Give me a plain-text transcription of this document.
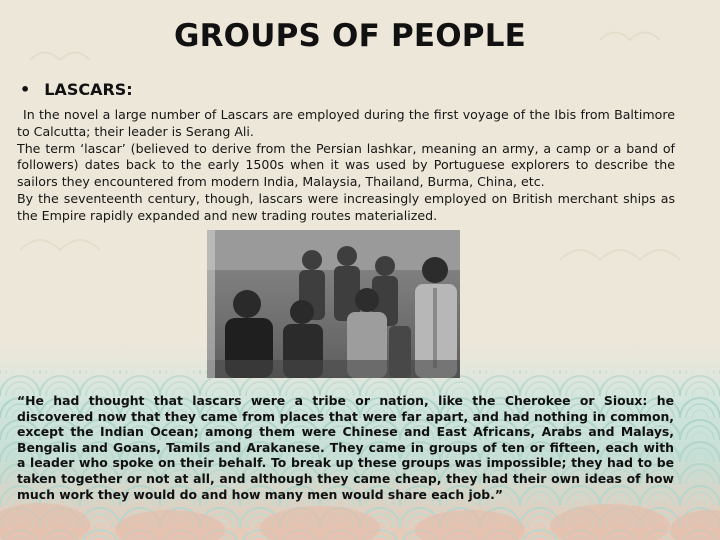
GROUPS OF PEOPLE
• LASCARS:

In the novel a large number of Lascars are employed during the first voyage of the Ibis from Baltimore to Calcutta; their leader is Serang Ali.

The term ‘lascar’ (believed to derive from the Persian lashkar, meaning an army, a camp or a band of followers) dates back to the early 1500s when it was used by Portuguese explorers to describe the sailors they encountered from modern India, Malaysia, Thailand, Burma, China, etc.

By the seventeenth century, though, lascars were increasingly employed on British merchant ships as the Empire rapidly expanded and new trading routes materialized.

“He had thought that lascars were a tribe or nation, like the Cherokee or Sioux: he discovered now that they came from places that were far apart, and had nothing in common, except the Indian Ocean; among them were Chinese and East Africans, Arabs and Malays, Bengalis and Goans, Tamils and Arakanese. They came in groups of ten or fifteen, each with a leader who spoke on their behalf. To break up these groups was impossible; they had to be taken together or not at all, and although they came cheap, they had their own ideas of how much work they would do and how many men would share each job.”
